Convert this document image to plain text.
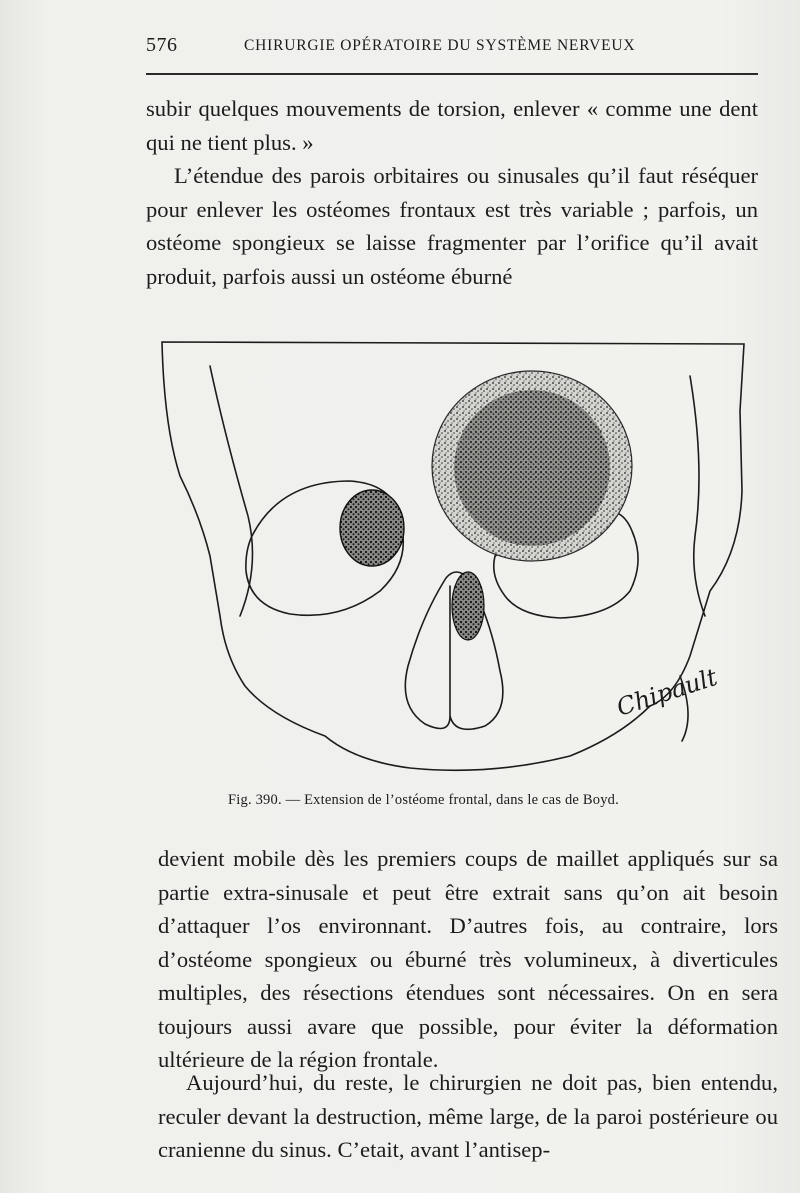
576	CHIRURGIE OPÉRATOIRE DU SYSTÈME NERVEUX

subir quelques mouvements de torsion, enlever « comme une dent qui ne tient plus. »

L’étendue des parois orbitaires ou sinusales qu’il faut réséquer pour enlever les ostéomes frontaux est très variable ; parfois, un ostéome spongieux se laisse fragmenter par l’orifice qu’il avait produit, parfois aussi un ostéome éburné

Chipault
Fig. 390. — Extension de l’ostéome frontal, dans le cas de Boyd.

devient mobile dès les premiers coups de maillet appliqués sur sa partie extra-sinusale et peut être extrait sans qu’on ait besoin d’attaquer l’os environnant. D’autres fois, au contraire, lors d’ostéome spongieux ou éburné très volumineux, à diverticules multiples, des résections étendues sont nécessaires. On en sera toujours aussi avare que possible, pour éviter la déformation ultérieure de la région frontale.

Aujourd’hui, du reste, le chirurgien ne doit pas, bien entendu, reculer devant la destruction, même large, de la paroi postérieure ou cranienne du sinus. C’etait, avant l’antisep-
